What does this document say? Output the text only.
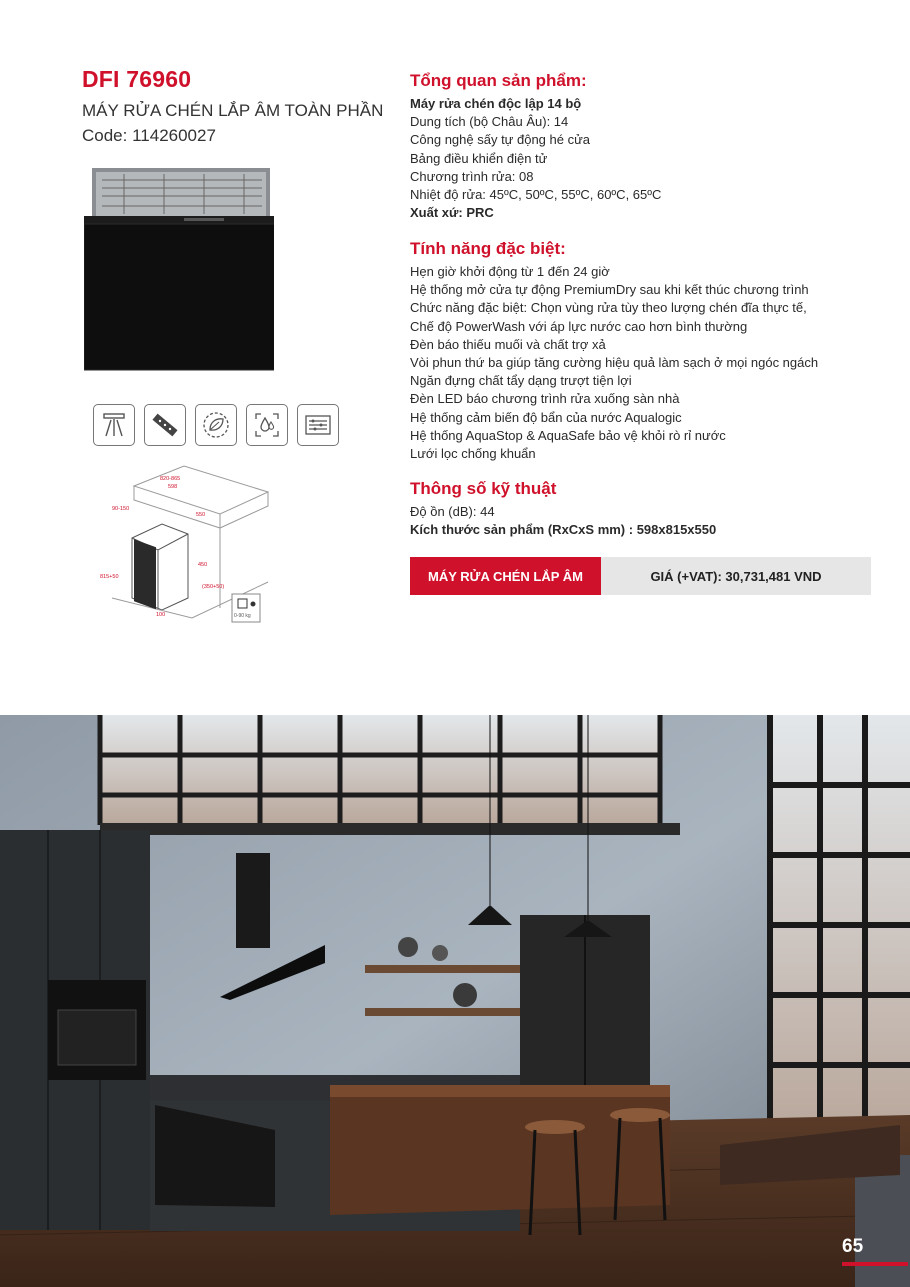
DFI 76960
MÁY RỬA CHÉN LẮP ÂM TOÀN PHẦN
Code: 114260027
820-865
598
550
90-150
815+50
450
(350+50)
100	0-90 kg
Tổng quan sản phẩm:
Máy rửa chén độc lập 14 bộ
Dung tích (bộ Châu Âu): 14
Công nghệ sấy tự động hé cửa
Bảng điều khiển điện tử
Chương trình rửa: 08
Nhiệt độ rửa: 45ºC, 50ºC, 55ºC, 60ºC, 65ºC
Xuất xứ: PRC
Tính năng đặc biệt:
Hẹn giờ khởi động từ 1 đến 24 giờ
Hệ thống mở cửa tự động PremiumDry sau khi kết thúc chương trình
Chức năng đặc biệt: Chọn vùng rửa tùy theo lượng chén đĩa thực tế,
Chế độ PowerWash với áp lực nước cao hơn bình thường
Đèn báo thiếu muối và chất trợ xả
Vòi phun thứ ba giúp tăng cường hiệu quả làm sạch ở mọi ngóc ngách
Ngăn đựng chất tẩy dạng trượt tiện lợi
Đèn LED báo chương trình rửa xuống sàn nhà
Hệ thống cảm biến độ bẩn của nước Aqualogic
Hệ thống AquaStop & AquaSafe bảo vệ khỏi rò rỉ nước
Lưới lọc chống khuẩn
Thông số kỹ thuật
Độ ồn (dB): 44
Kích thước sản phẩm (RxCxS mm) : 598x815x550
MÁY RỬA CHÉN LẮP ÂM	GIÁ (+VAT): 30,731,481 VND
65
